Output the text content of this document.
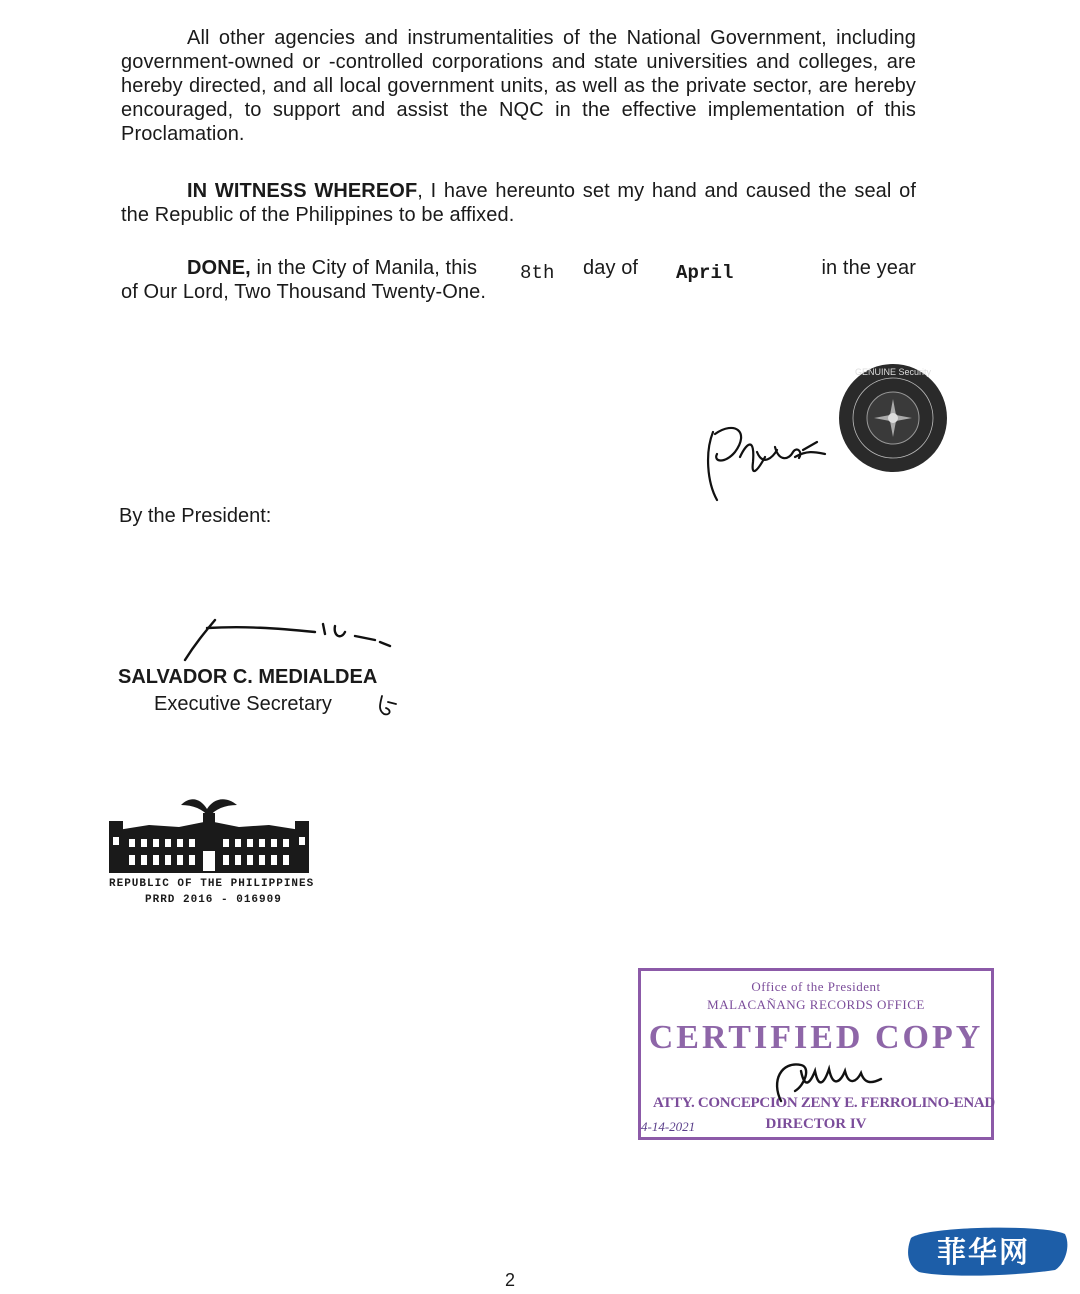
All other agencies and instrumentalities of the National Government, including government-owned or -controlled corporations and state universities and colleges, are hereby directed, and all local government units, as well as the private sector, are hereby encouraged, to support and assist the NQC in the effective implementation of this Proclamation.
IN WITNESS WHEREOF, I have hereunto set my hand and caused the seal of the Republic of the Philippines to be affixed.
DONE, in the City of Manila, this 8th day of April	in the year
of Our Lord, Two Thousand Twenty-One.
GENUINE Security
By the President:
SALVADOR C. MEDIALDEA
Executive Secretary
REPUBLIC OF THE PHILIPPINES
PRRD 2016 - 016909
Office of the President
MALACAÑANG RECORDS OFFICE
CERTIFIED COPY
ATTY. CONCEPCION ZENY E. FERROLINO-ENAD
DIRECTOR IV
4-14-2021
2
菲华网
